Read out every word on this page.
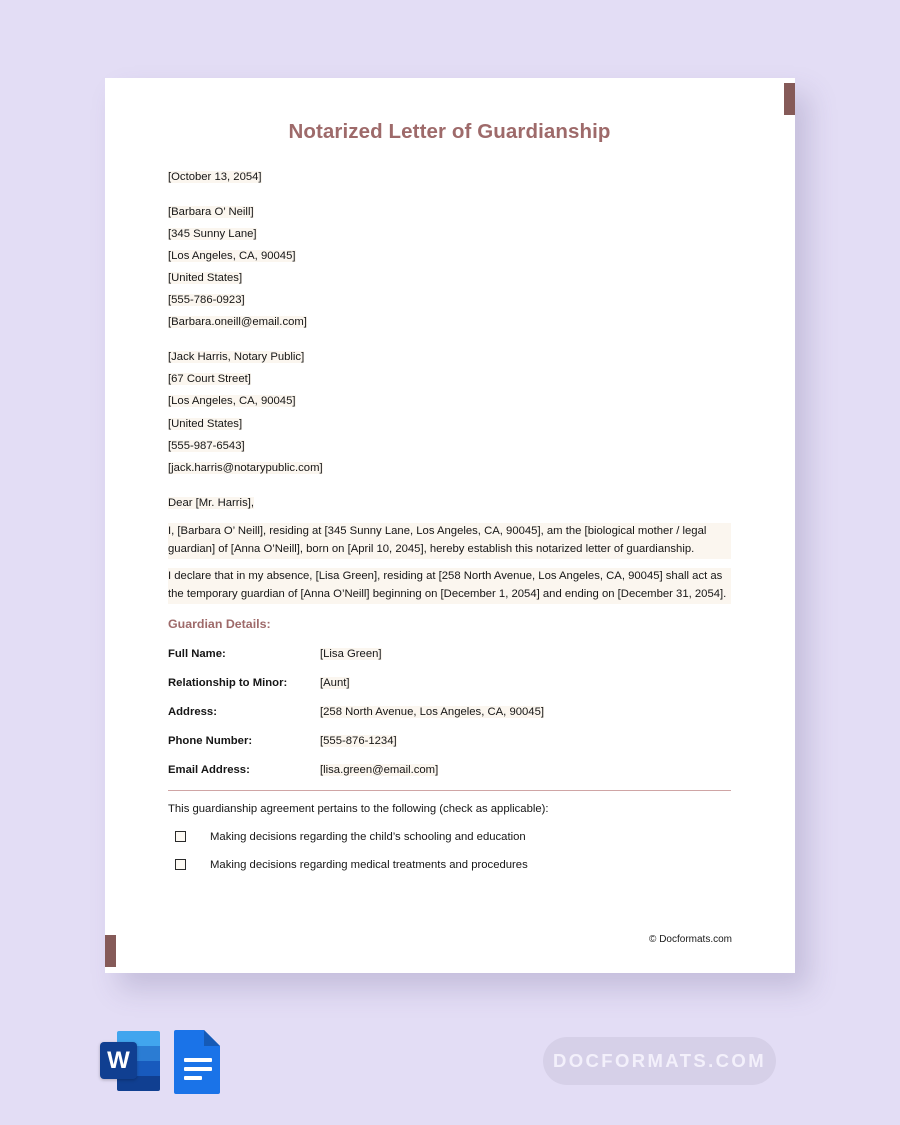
Notarized Letter of Guardianship
[October 13, 2054]
[Barbara O’ Neill]
[345 Sunny Lane]
[Los Angeles, CA, 90045]
[United States]
[555-786-0923]
[Barbara.oneill@email.com]
[Jack Harris, Notary Public]
[67 Court Street]
[Los Angeles, CA, 90045]
[United States]
[555-987-6543]
[jack.harris@notarypublic.com]
Dear [Mr. Harris],

I, [Barbara O’ Neill], residing at [345 Sunny Lane, Los Angeles, CA, 90045], am the [biological mother / legal guardian] of [Anna O’Neill], born on [April 10, 2045], hereby establish this notarized letter of guardianship.

I declare that in my absence, [Lisa Green], residing at [258 North Avenue, Los Angeles, CA, 90045] shall act as the temporary guardian of [Anna O’Neill] beginning on [December 1, 2054] and ending on [December 31, 2054].

Guardian Details:
Full Name:	[Lisa Green]
Relationship to Minor:	[Aunt]
Address:	[258 North Avenue, Los Angeles, CA, 90045]
Phone Number:	[555-876-1234]
Email Address:	[lisa.green@email.com]
This guardianship agreement pertains to the following (check as applicable):
Making decisions regarding the child’s schooling and education
Making decisions regarding medical treatments and procedures
© Docformats.com
W	DOCFORMATS.COM
